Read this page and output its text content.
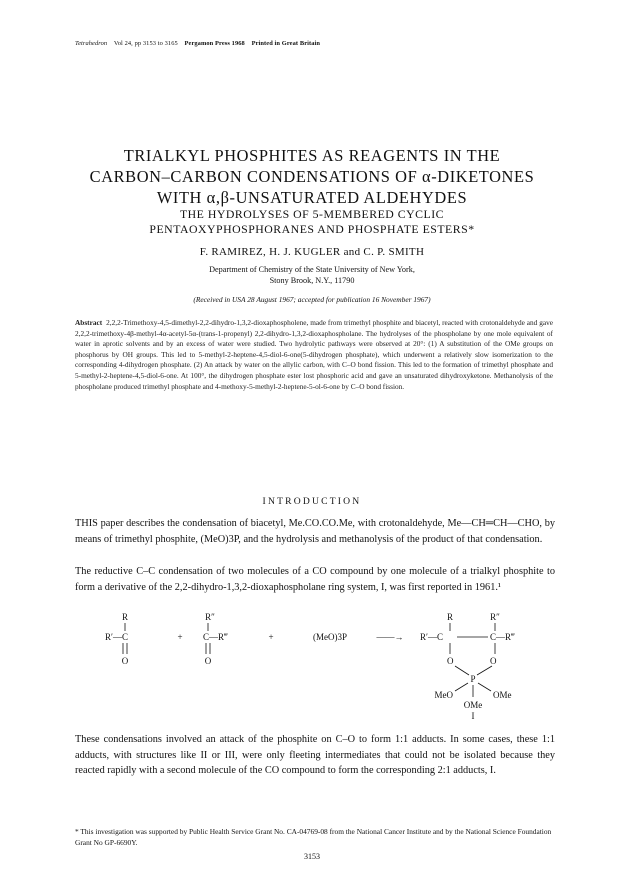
Tetrahedron Vol 24, pp 3153 to 3165 Pergamon Press 1968 Printed in Great Britain
TRIALKYL PHOSPHITES AS REAGENTS IN THE
CARBON–CARBON CONDENSATIONS OF α-DIKETONES
WITH α,β-UNSATURATED ALDEHYDES
THE HYDROLYSES OF 5-MEMBERED CYCLIC
PENTAOXYPHOSPHORANES AND PHOSPHATE ESTERS*
F. RAMIREZ, H. J. KUGLER and C. P. SMITH
Department of Chemistry of the State University of New York,
Stony Brook, N.Y., 11790
(Received in USA 28 August 1967; accepted for publication 16 November 1967)
Abstract 2,2,2-Trimethoxy-4,5-dimethyl-2,2-dihydro-1,3,2-dioxaphospholene, made from trimethyl phosphite and biacetyl, reacted with crotonaldehyde and gave 2,2,2-trimethoxy-4β-methyl-4α-acetyl-5α-(trans-1-propenyl) 2,2-dihydro-1,3,2-dioxaphospholane. The hydrolyses of the phospholane by one mole equivalent of water in aprotic solvents and by an excess of water were studied. Two hydrolytic pathways were observed at 20°: (1) A substitution of the OMe groups on phosphorus by OH groups. This led to 5-methyl-2-heptene-4,5-diol-6-one(5-dihydrogen phosphate), which underwent a relatively slow isomerization to the corresponding 4-dihydrogen phosphate. (2) An attack by water on the allylic carbon, with C–O bond fission. This led to the formation of trimethyl phosphate and 5-methyl-2-heptene-4,5-diol-6-one. At 100°, the dihydrogen phosphate ester lost phosphoric acid and gave an unsaturated dihydroxyketone. Methanolysis of the phospholane produced trimethyl phosphate and 4-methoxy-5-methyl-2-heptene-5-ol-6-one by C–O bond fission.
INTRODUCTION
THIS paper describes the condensation of biacetyl, Me.CO.CO.Me, with crotonaldehyde, Me—CH═CH—CHO, by means of trimethyl phosphite, (MeO)3P, and the hydrolysis and methanolysis of the product of that condensation.
The reductive C–C condensation of two molecules of a CO compound by one molecule of a trialkyl phosphite to form a derivative of the 2,2-dihydro-1,3,2-dioxaphospholane ring system, I, was first reported in 1961.¹
R
R′—C
O
+
R″
C—R‴
O
+	(MeO)3P	——→
R	R″
R′—C	C—R‴
O	O
P
MeO	OMe
OMe
I
These condensations involved an attack of the phosphite on C–O to form 1:1 adducts. In some cases, these 1:1 adducts, with structures like II or III, were only fleeting intermediates that could not be isolated because they reacted rapidly with a second molecule of the CO compound to form the corresponding 2:1 adducts, I.
* This investigation was supported by Public Health Service Grant No. CA-04769-08 from the National Cancer Institute and by the National Science Foundation Grant No GP-6690Y.
3153
